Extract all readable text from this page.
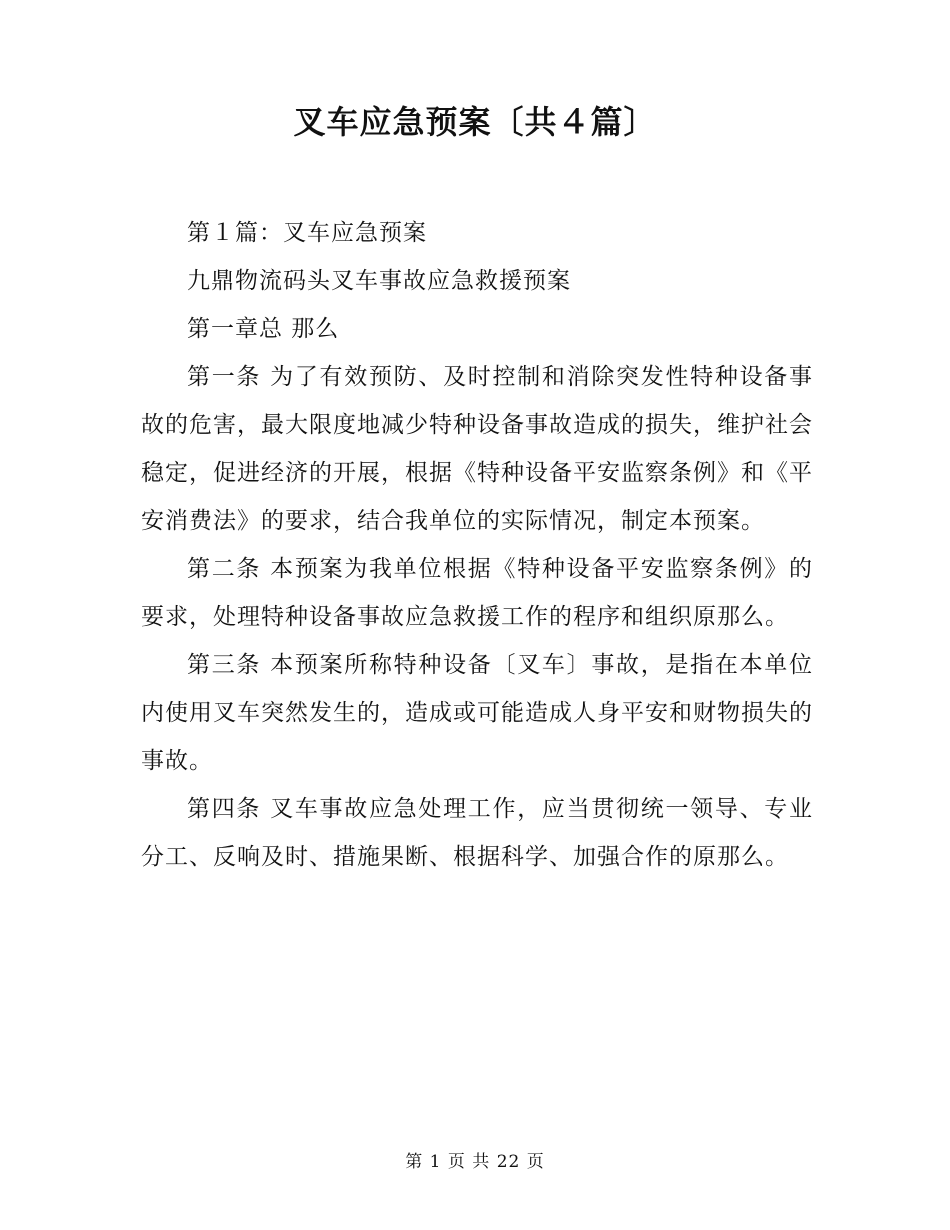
叉车应急预案〔共４篇〕

第１篇：叉车应急预案

九鼎物流码头叉车事故应急救援预案

第一章总 那么

第一条 为了有效预防、及时控制和消除突发性特种设备事故的危害，最大限度地减少特种设备事故造成的损失，维护社会稳定，促进经济的开展，根据《特种设备平安监察条例》和《平安消费法》的要求，结合我单位的实际情况，制定本预案。

第二条 本预案为我单位根据《特种设备平安监察条例》的要求，处理特种设备事故应急救援工作的程序和组织原那么。

第三条 本预案所称特种设备〔叉车〕事故，是指在本单位内使用叉车突然发生的，造成或可能造成人身平安和财物损失的事故。

第四条 叉车事故应急处理工作，应当贯彻统一领导、专业分工、反响及时、措施果断、根据科学、加强合作的原那么。

第 1 页 共 22 页
